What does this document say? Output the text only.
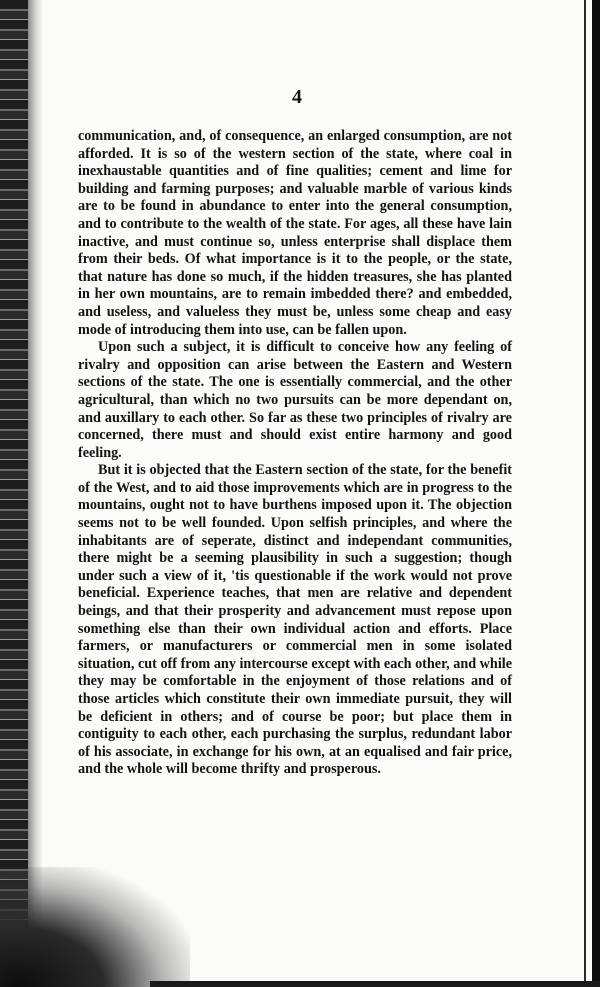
4

communication, and, of consequence, an enlarged consumption, are not afforded. It is so of the western section of the state, where coal in inexhaustable quantities and of fine qualities; cement and lime for building and farming purposes; and valuable marble of various kinds are to be found in abundance to enter into the general consumption, and to contribute to the wealth of the state. For ages, all these have lain inactive, and must continue so, unless enterprise shall displace them from their beds. Of what importance is it to the people, or the state, that nature has done so much, if the hidden treasures, she has planted in her own mountains, are to remain imbedded there? and embedded, and useless, and valueless they must be, unless some cheap and easy mode of introducing them into use, can be fallen upon.

Upon such a subject, it is difficult to conceive how any feeling of rivalry and opposition can arise between the Eastern and Western sections of the state. The one is essentially commercial, and the other agricultural, than which no two pursuits can be more dependant on, and auxillary to each other. So far as these two principles of rivalry are concerned, there must and should exist entire harmony and good feeling.

But it is objected that the Eastern section of the state, for the benefit of the West, and to aid those improvements which are in progress to the mountains, ought not to have burthens imposed upon it. The objection seems not to be well founded. Upon selfish principles, and where the inhabitants are of seperate, distinct and independant communities, there might be a seeming plausibility in such a suggestion; though under such a view of it, 'tis questionable if the work would not prove beneficial. Experience teaches, that men are relative and dependent beings, and that their prosperity and advancement must repose upon something else than their own individual action and efforts. Place farmers, or manufacturers or commercial men in some isolated situation, cut off from any intercourse except with each other, and while they may be comfortable in the enjoyment of those relations and of those articles which constitute their own immediate pursuit, they will be deficient in others; and of course be poor; but place them in contiguity to each other, each purchasing the surplus, redundant labor of his associate, in exchange for his own, at an equalised and fair price, and the whole will become thrifty and prosperous.
